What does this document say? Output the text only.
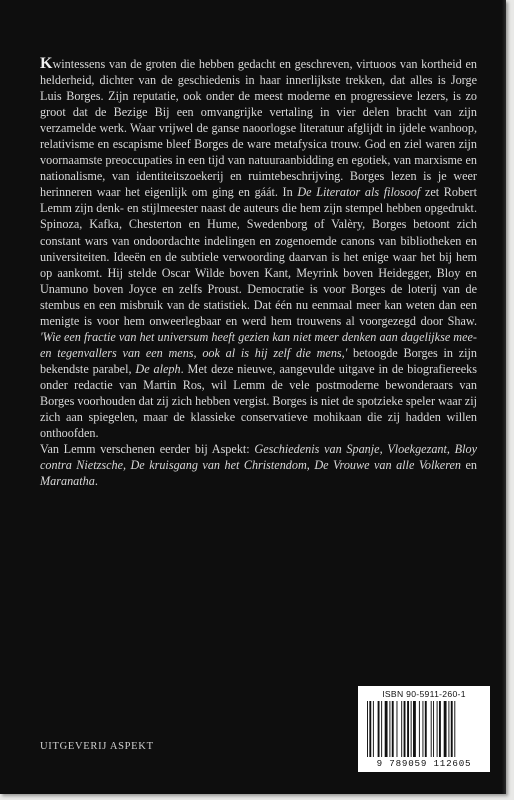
Kwintessens van de groten die hebben gedacht en geschreven, virtuoos van kortheid en helderheid, dichter van de geschiedenis in haar innerlijkste trekken, dat alles is Jorge Luis Borges. Zijn reputatie, ook onder de meest moderne en progressieve lezers, is zo groot dat de Bezige Bij een omvangrijke vertaling in vier delen bracht van zijn verzamelde werk. Waar vrijwel de ganse naoorlogse literatuur afglijdt in ijdele wanhoop, relativisme en escapisme bleef Borges de ware metafysica trouw. God en ziel waren zijn voornaamste preoccupaties in een tijd van natuuraanbidding en egotiek, van marxisme en nationalisme, van identiteitszoekerij en ruimtebeschrijving. Borges lezen is je weer herinneren waar het eigenlijk om ging en gáát. In De Literator als filosoof zet Robert Lemm zijn denk- en stijlmeester naast de auteurs die hem zijn stempel hebben opgedrukt. Spinoza, Kafka, Chesterton en Hume, Swedenborg of Valèry, Borges betoont zich constant wars van ondoordachte indelingen en zogenoemde canons van bibliotheken en universiteiten. Ideeën en de subtiele verwoording daarvan is het enige waar het bij hem op aankomt. Hij stelde Oscar Wilde boven Kant, Meyrink boven Heidegger, Bloy en Unamuno boven Joyce en zelfs Proust. Democratie is voor Borges de loterij van de stembus en een misbruik van de statistiek. Dat één nu eenmaal meer kan weten dan een menigte is voor hem onweerlegbaar en werd hem trouwens al voorgezegd door Shaw. 'Wie een fractie van het universum heeft gezien kan niet meer denken aan dagelijkse mee- en tegenvallers van een mens, ook al is hij zelf die mens,' betoogde Borges in zijn bekendste parabel, De aleph. Met deze nieuwe, aangevulde uitgave in de biografiereeks onder redactie van Martin Ros, wil Lemm de vele postmoderne bewonderaars van Borges voorhouden dat zij zich hebben vergist. Borges is niet de spotzieke speler waar zij zich aan spiegelen, maar de klassieke conservatieve mohikaan die zij hadden willen onthoofden.

Van Lemm verschenen eerder bij Aspekt: Geschiedenis van Spanje, Vloekgezant, Bloy contra Nietzsche, De kruisgang van het Christendom, De Vrouwe van alle Volkeren en Maranatha.

UITGEVERIJ ASPEKT
ISBN 90-5911-260-1
9 789059 112605
